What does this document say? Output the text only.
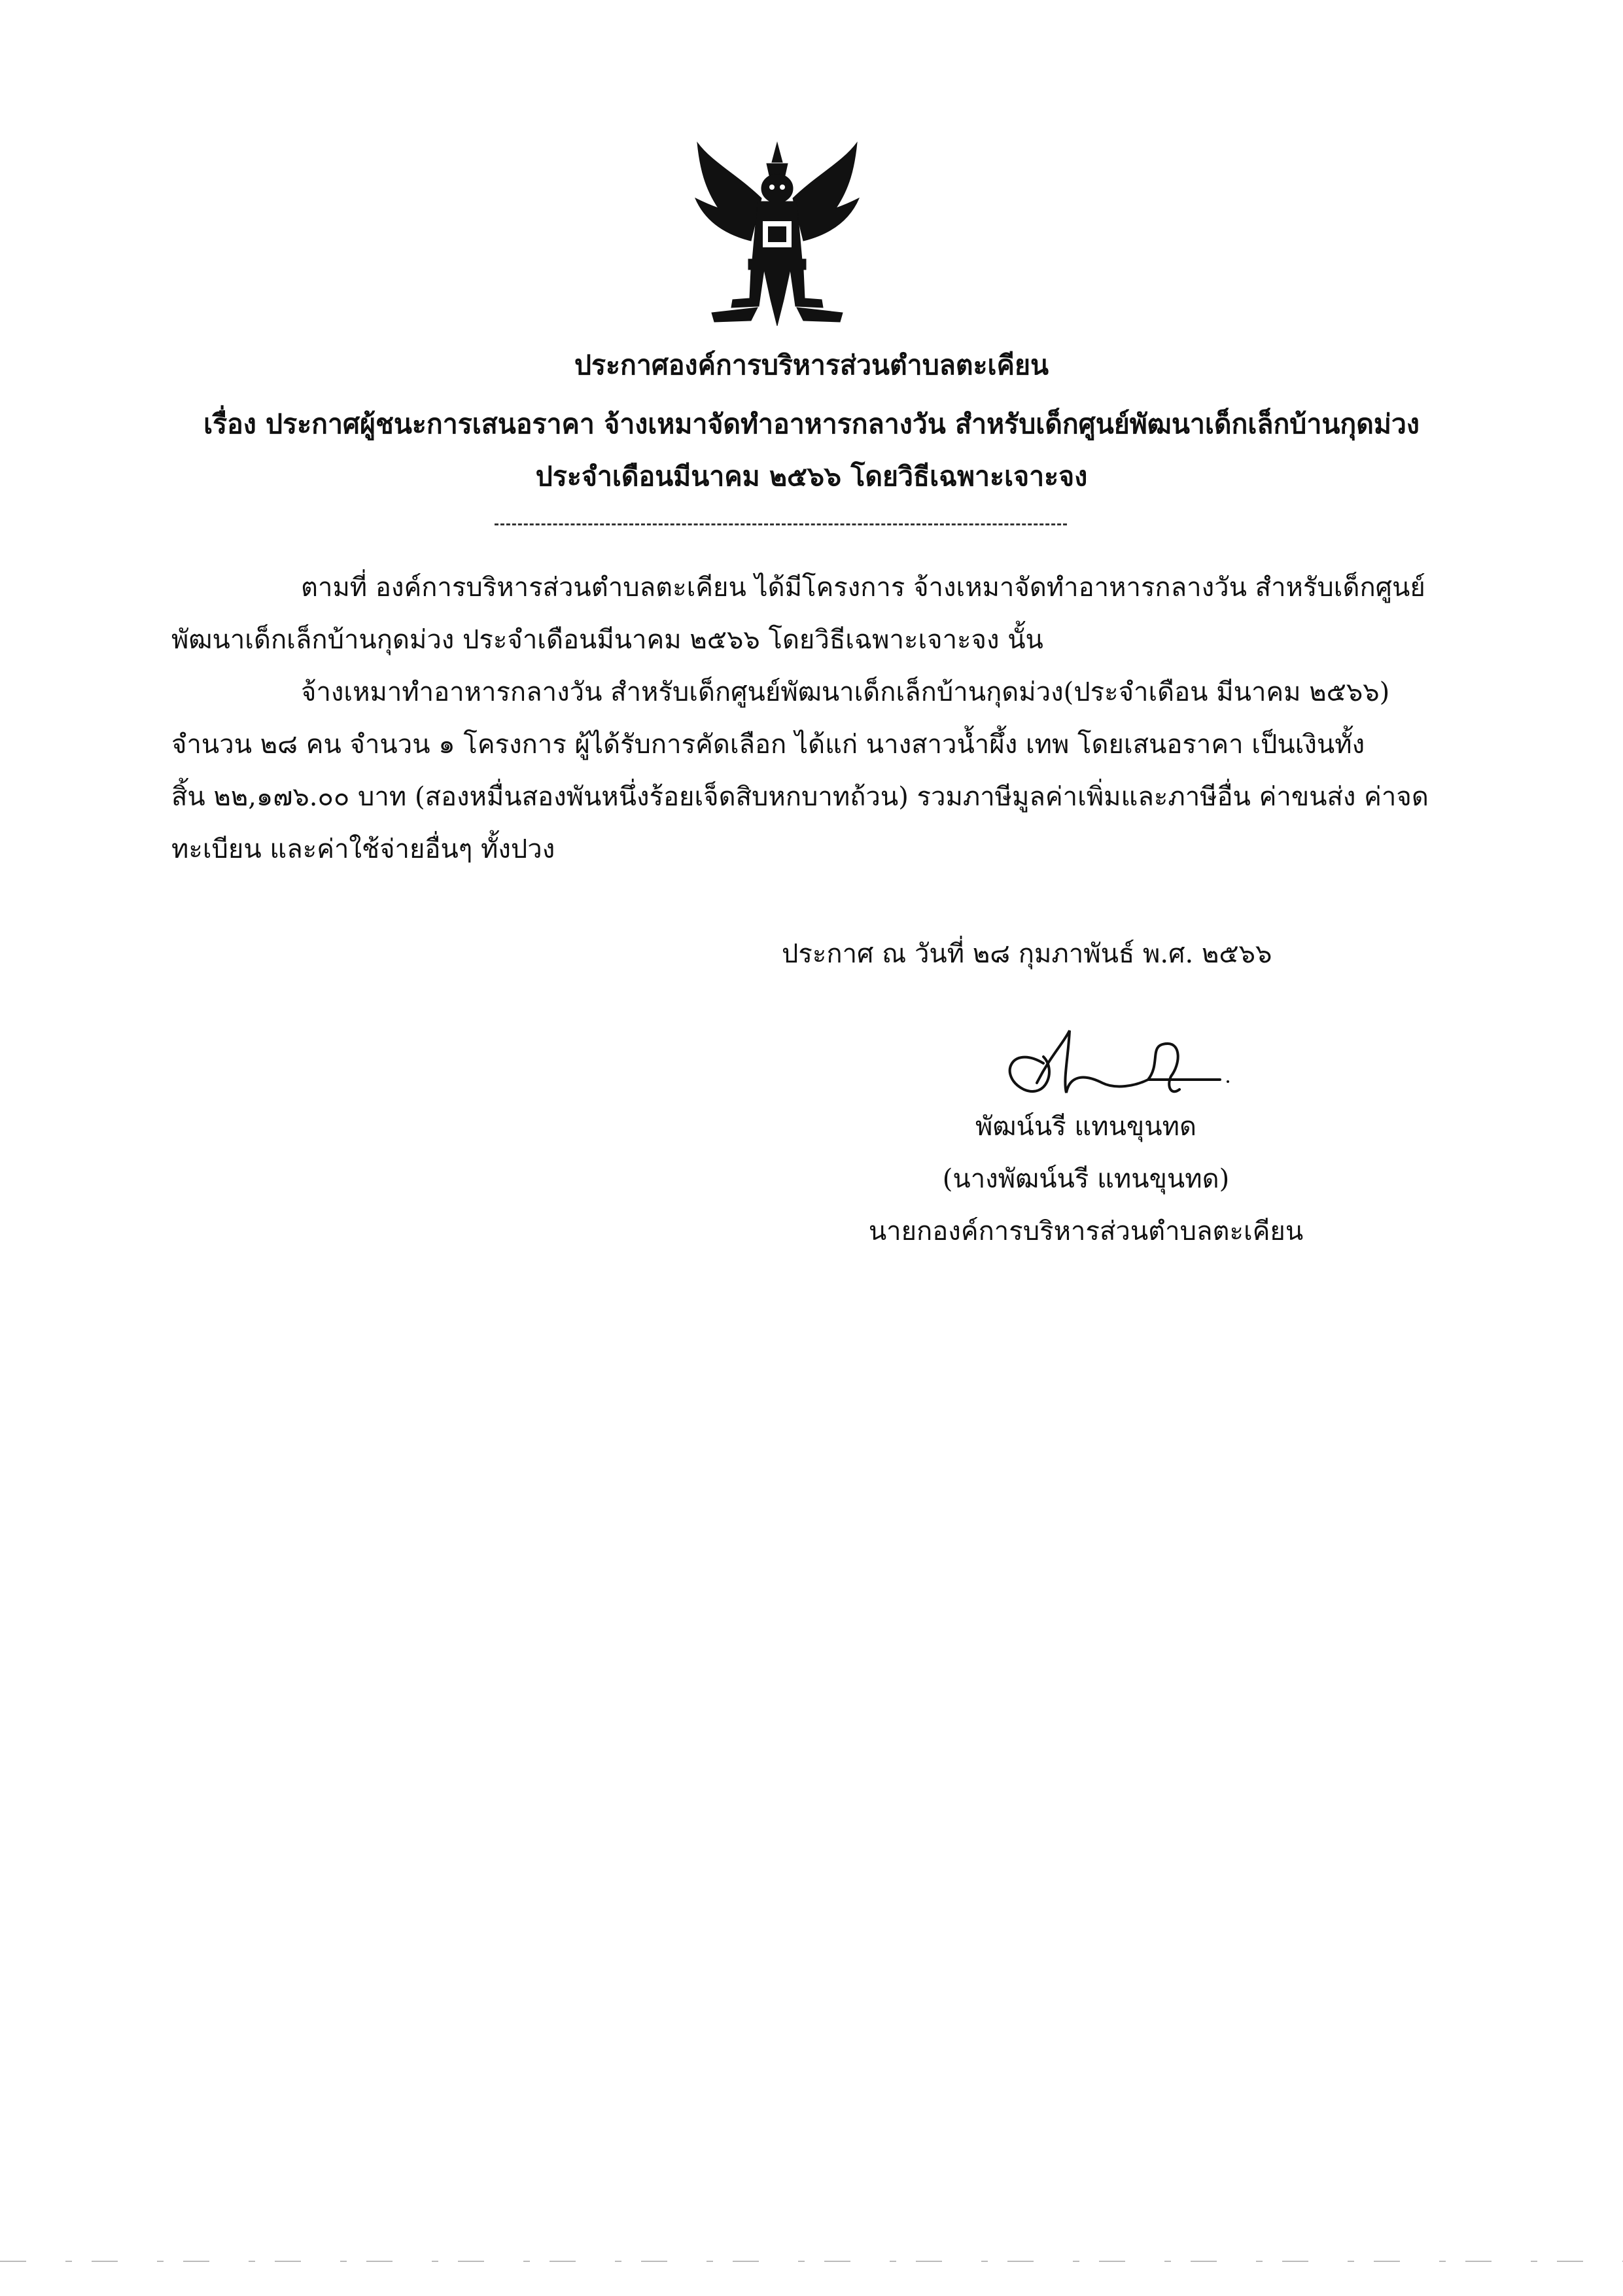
ประกาศองค์การบริหารส่วนตำบลตะเคียน
เรื่อง ประกาศผู้ชนะการเสนอราคา จ้างเหมาจัดทำอาหารกลางวัน สำหรับเด็กศูนย์พัฒนาเด็กเล็กบ้านกุดม่วง
ประจำเดือนมีนาคม ๒๕๖๖ โดยวิธีเฉพาะเจาะจง
ตามที่ องค์การบริหารส่วนตำบลตะเคียน ได้มีโครงการ จ้างเหมาจัดทำอาหารกลางวัน สำหรับเด็กศูนย์
พัฒนาเด็กเล็กบ้านกุดม่วง ประจำเดือนมีนาคม ๒๕๖๖ โดยวิธีเฉพาะเจาะจง นั้น
จ้างเหมาทำอาหารกลางวัน สำหรับเด็กศูนย์พัฒนาเด็กเล็กบ้านกุดม่วง(ประจำเดือน มีนาคม ๒๕๖๖)
จำนวน ๒๘ คน จำนวน ๑ โครงการ ผู้ได้รับการคัดเลือก ได้แก่ นางสาวน้ำผึ้ง เทพ โดยเสนอราคา เป็นเงินทั้ง
สิ้น ๒๒,๑๗๖.๐๐ บาท (สองหมื่นสองพันหนึ่งร้อยเจ็ดสิบหกบาทถ้วน) รวมภาษีมูลค่าเพิ่มและภาษีอื่น ค่าขนส่ง ค่าจด
ทะเบียน และค่าใช้จ่ายอื่นๆ ทั้งปวง
ประกาศ ณ วันที่ ๒๘ กุมภาพันธ์ พ.ศ. ๒๕๖๖
พัฒน์นรี แทนขุนทด
(นางพัฒน์นรี แทนขุนทด)
นายกองค์การบริหารส่วนตำบลตะเคียน
